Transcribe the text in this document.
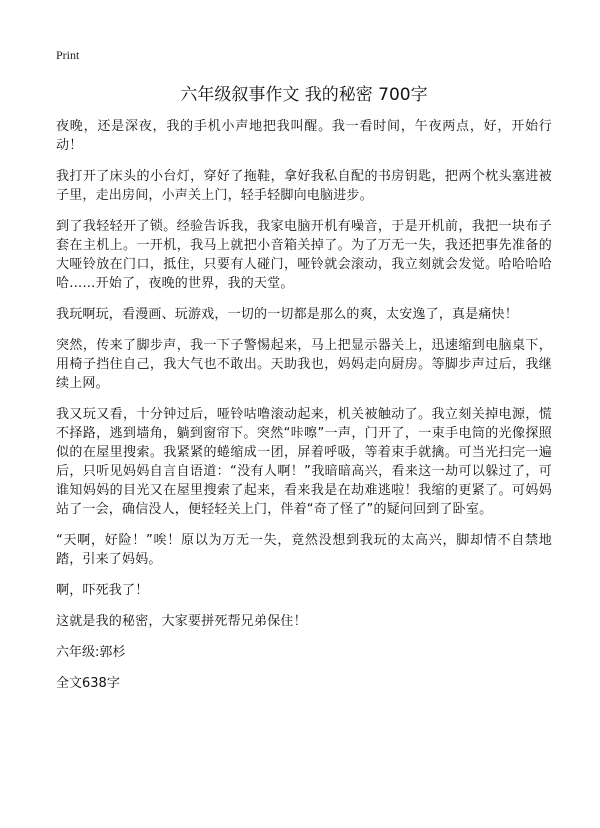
Print
六年级叙事作文 我的秘密 700字

夜晚，还是深夜，我的手机小声地把我叫醒。我一看时间，午夜两点，好，开始行动！

我打开了床头的小台灯，穿好了拖鞋，拿好我私自配的书房钥匙，把两个枕头塞进被子里，走出房间，小声关上门，轻手轻脚向电脑进步。

到了我轻轻开了锁。经验告诉我，我家电脑开机有噪音，于是开机前，我把一块布子套在主机上。一开机，我马上就把小音箱关掉了。为了万无一失，我还把事先准备的大哑铃放在门口，抵住，只要有人碰门，哑铃就会滚动，我立刻就会发觉。哈哈哈哈哈……开始了，夜晚的世界，我的天堂。

我玩啊玩，看漫画、玩游戏，一切的一切都是那么的爽，太安逸了，真是痛快！

突然，传来了脚步声，我一下子警惕起来，马上把显示器关上，迅速缩到电脑桌下，用椅子挡住自己，我大气也不敢出。天助我也，妈妈走向厨房。等脚步声过后，我继续上网。

我又玩又看，十分钟过后，哑铃咕噜滚动起来，机关被触动了。我立刻关掉电源，慌不择路，逃到墙角，躺到窗帘下。突然“咔嚓”一声，门开了，一束手电筒的光像探照似的在屋里搜索。我紧紧的蜷缩成一团，屏着呼吸，等着束手就擒。可当光扫完一遍后，只听见妈妈自言自语道：“没有人啊！”我暗暗高兴，看来这一劫可以躲过了，可谁知妈妈的目光又在屋里搜索了起来，看来我是在劫难逃啦！我缩的更紧了。可妈妈站了一会，确信没人，便轻轻关上门，伴着“奇了怪了”的疑问回到了卧室。

“天啊，好险！”唉！原以为万无一失，竟然没想到我玩的太高兴，脚却情不自禁地踏，引来了妈妈。

啊，吓死我了！

这就是我的秘密，大家要拼死帮兄弟保住！

六年级:郭杉

全文638字
